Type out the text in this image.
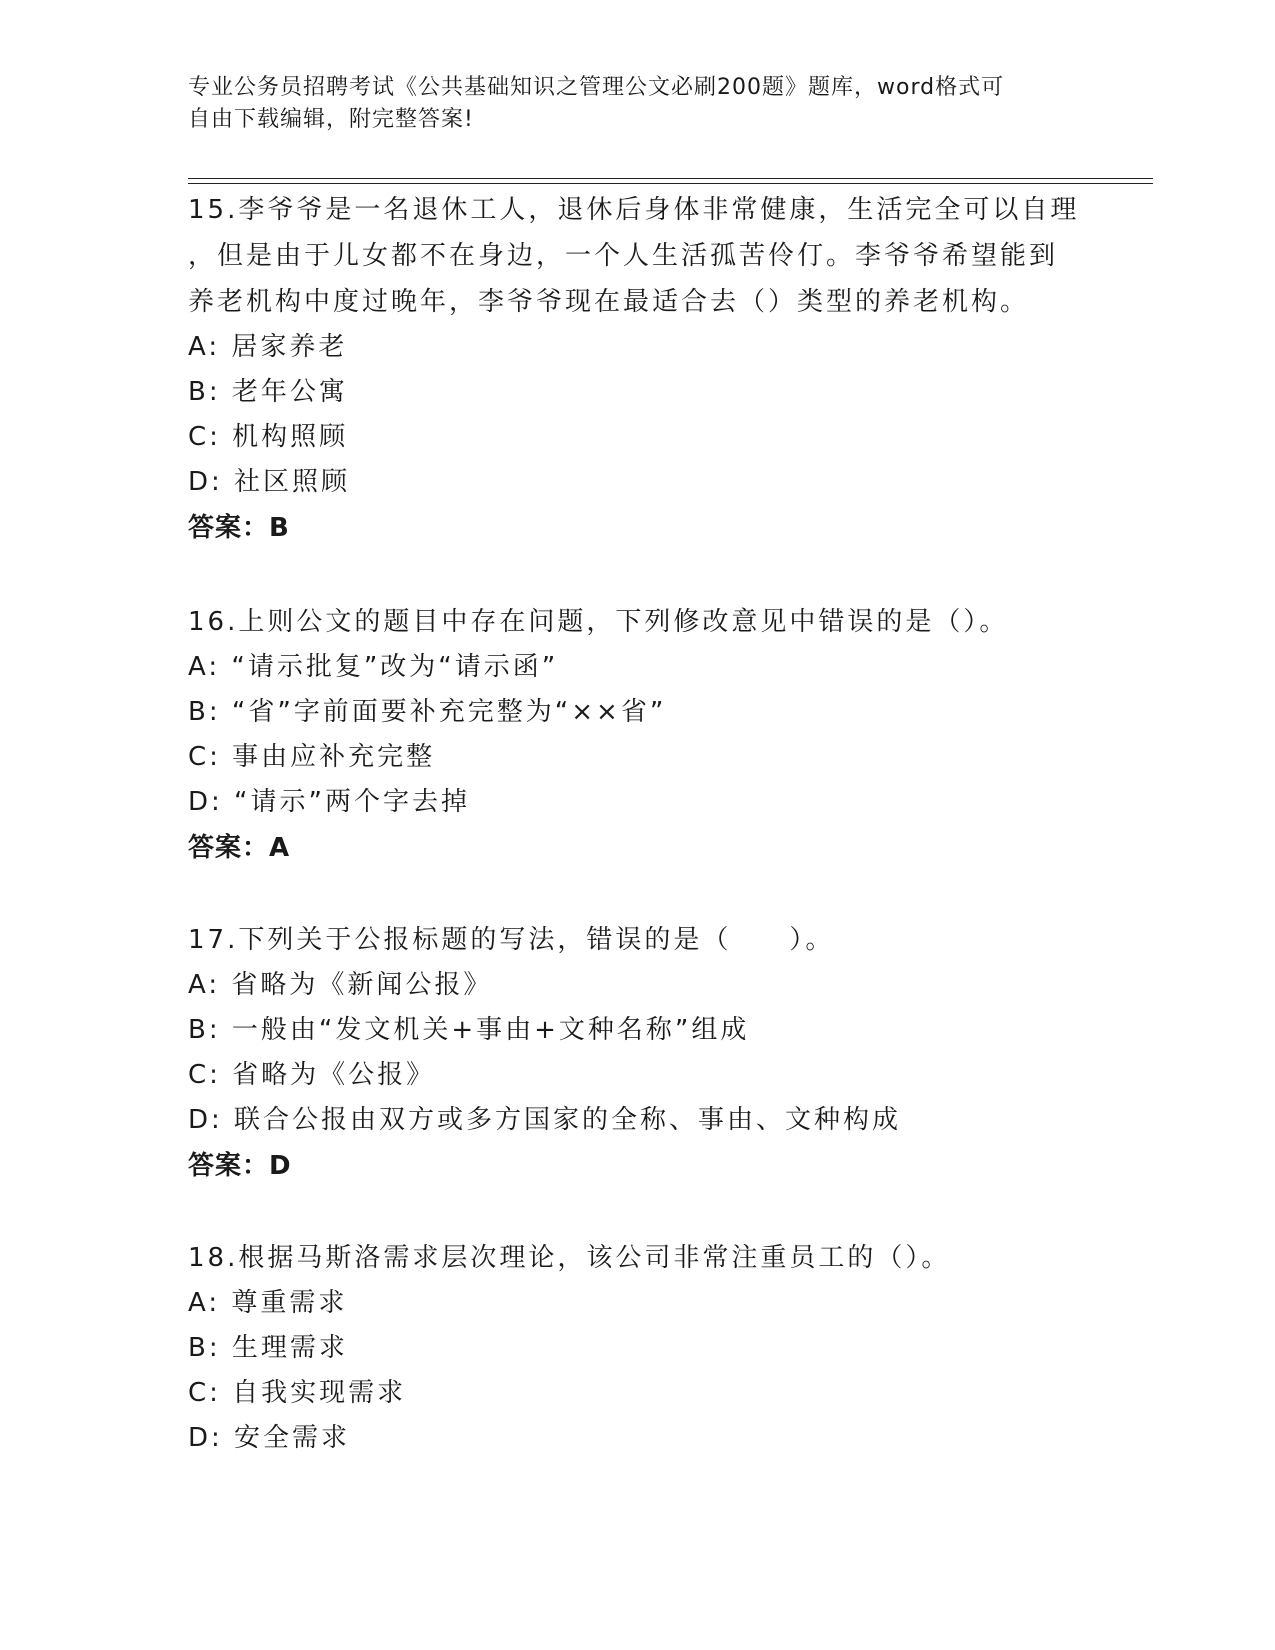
专业公务员招聘考试《公共基础知识之管理公文必刷200题》题库，word格式可
自由下载编辑，附完整答案!

15.李爷爷是一名退休工人，退休后身体非常健康，生活完全可以自理

，但是由于儿女都不在身边，一个人生活孤苦伶仃。李爷爷希望能到

养老机构中度过晚年，李爷爷现在最适合去（）类型的养老机构。

A: 居家养老

B: 老年公寓

C: 机构照顾

D: 社区照顾

答案：B

16.上则公文的题目中存在问题，下列修改意见中错误的是（）。

A: “请示批复”改为“请示函”

B: “省”字前面要补充完整为“××省”

C: 事由应补充完整

D: “请示”两个字去掉

答案：A

17.下列关于公报标题的写法，错误的是（　　）。

A: 省略为《新闻公报》

B: 一般由“发文机关+事由+文种名称”组成

C: 省略为《公报》

D: 联合公报由双方或多方国家的全称、事由、文种构成

答案：D

18.根据马斯洛需求层次理论，该公司非常注重员工的（）。

A: 尊重需求

B: 生理需求

C: 自我实现需求

D: 安全需求
